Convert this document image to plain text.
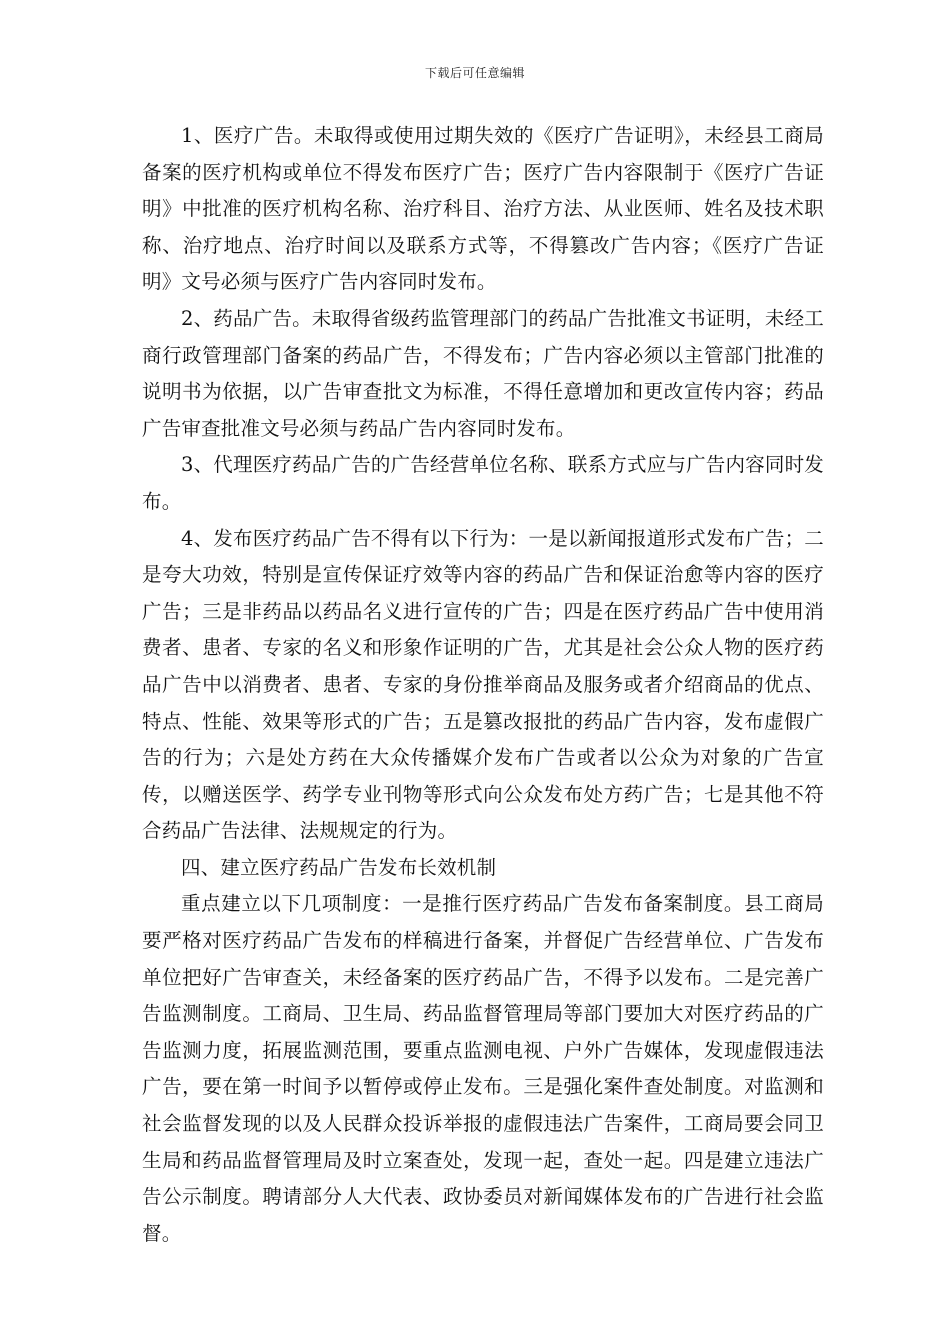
下载后可任意编辑

1、医疗广告。未取得或使用过期失效的《医疗广告证明》，未经县工商局备案的医疗机构或单位不得发布医疗广告；医疗广告内容限制于《医疗广告证明》中批准的医疗机构名称、治疗科目、治疗方法、从业医师、姓名及技术职称、治疗地点、治疗时间以及联系方式等，不得篡改广告内容；《医疗广告证明》文号必须与医疗广告内容同时发布。

2、药品广告。未取得省级药监管理部门的药品广告批准文书证明，未经工商行政管理部门备案的药品广告，不得发布；广告内容必须以主管部门批准的说明书为依据，以广告审查批文为标准，不得任意增加和更改宣传内容；药品广告审查批准文号必须与药品广告内容同时发布。

3、代理医疗药品广告的广告经营单位名称、联系方式应与广告内容同时发布。

4、发布医疗药品广告不得有以下行为：一是以新闻报道形式发布广告；二是夸大功效，特别是宣传保证疗效等内容的药品广告和保证治愈等内容的医疗广告；三是非药品以药品名义进行宣传的广告；四是在医疗药品广告中使用消费者、患者、专家的名义和形象作证明的广告，尤其是社会公众人物的医疗药品广告中以消费者、患者、专家的身份推举商品及服务或者介绍商品的优点、特点、性能、效果等形式的广告；五是篡改报批的药品广告内容，发布虚假广告的行为；六是处方药在大众传播媒介发布广告或者以公众为对象的广告宣传，以赠送医学、药学专业刊物等形式向公众发布处方药广告；七是其他不符合药品广告法律、法规规定的行为。

四、建立医疗药品广告发布长效机制

重点建立以下几项制度：一是推行医疗药品广告发布备案制度。县工商局要严格对医疗药品广告发布的样稿进行备案，并督促广告经营单位、广告发布单位把好广告审查关，未经备案的医疗药品广告，不得予以发布。二是完善广告监测制度。工商局、卫生局、药品监督管理局等部门要加大对医疗药品的广告监测力度，拓展监测范围，要重点监测电视、户外广告媒体，发现虚假违法广告，要在第一时间予以暂停或停止发布。三是强化案件查处制度。对监测和社会监督发现的以及人民群众投诉举报的虚假违法广告案件，工商局要会同卫生局和药品监督管理局及时立案查处，发现一起，查处一起。四是建立违法广告公示制度。聘请部分人大代表、政协委员对新闻媒体发布的广告进行社会监督。
